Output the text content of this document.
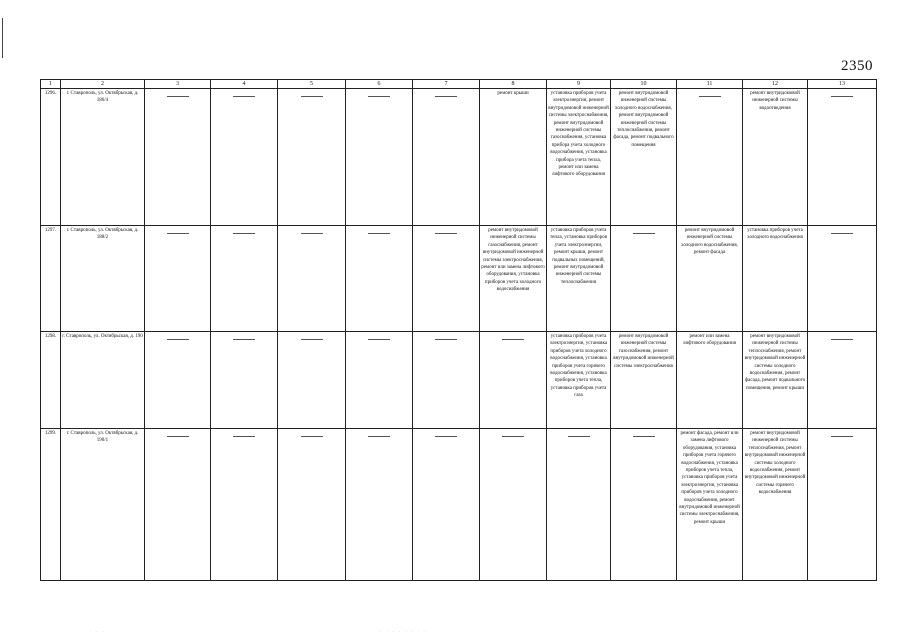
2350
1	2	3	4	5	6	7	8	9	10	11	12	13
1296.	г. Ставрополь, ул. Октябрьская, д. 186/4						ремонт крыши	установка приборов учета электроэнергии, ремонт внутридомовой инженерной системы электроснабжения, ремонт внутридомовой инженерной системы газоснабжения, установка прибора учета холодного водоснабжения, установка прибора учета тепла, ремонт или замена лифтового оборудования	ремонт внутридомовой инженерной системы холодного водоснабжения, ремонт внутридомовой инженерной системы теплоснабжения, ремонт фасада, ремонт подвального помещения		ремонт внутридомовой инженерной системы водоотведения	

1297.	г. Ставрополь, ул. Октябрьская, д. 188/2						ремонт внутридомовой инженерной системы газоснабжения, ремонт внутридомовой инженерной системы электроснабжения, ремонт или замена лифтового оборудования, установка приборов учета холодного водоснабжения	установка приборов учета тепла, установка приборов учета электроэнергии, ремонт крыши, ремонт подвальных помещений, ремонт внутридомовой инженерной системы теплоснабжения		ремонт внутридомовой инженерной системы холодного водоснабжения, ремонт фасада	установка приборов учета холодного водоснабжения	

1298.	г. Ставрополь, ул. Октябрьская, д. 190							установка приборов учета электроэнергии, установка приборов учета холодного водоснабжения, установка приборов учета горячего водоснабжения, установка приборов учета тепла, установка приборов учета газа	ремонт внутридомовой инженерной системы газоснабжения, ремонт внутридомовой инженерной системы электроснабжения	ремонт или замена лифтового оборудования	ремонт внутридомовой инженерной системы теплоснабжения, ремонт внутридомовой инженерной системы холодного водоснабжения, ремонт фасада, ремонт подвального помещения, ремонт крыши	

1299.	г. Ставрополь, ул. Октябрьская, д. 190/1									ремонт фасада, ремонт или замена лифтового оборудования, установка приборов учета горячего водоснабжения, установка приборов учета тепла, установка приборов учета электроэнергии, установка приборов учета холодного водоснабжения, ремонт внутридомовой инженерной системы электроснабжения, ремонт крыши	ремонт внутридомовой инженерной системы теплоснабжения, ремонт внутридомовой инженерной системы холодного водоснабжения, ремонт внутридомовой инженерной системы горячего водоснабжения	
· · · · · · · ·
· · ·
